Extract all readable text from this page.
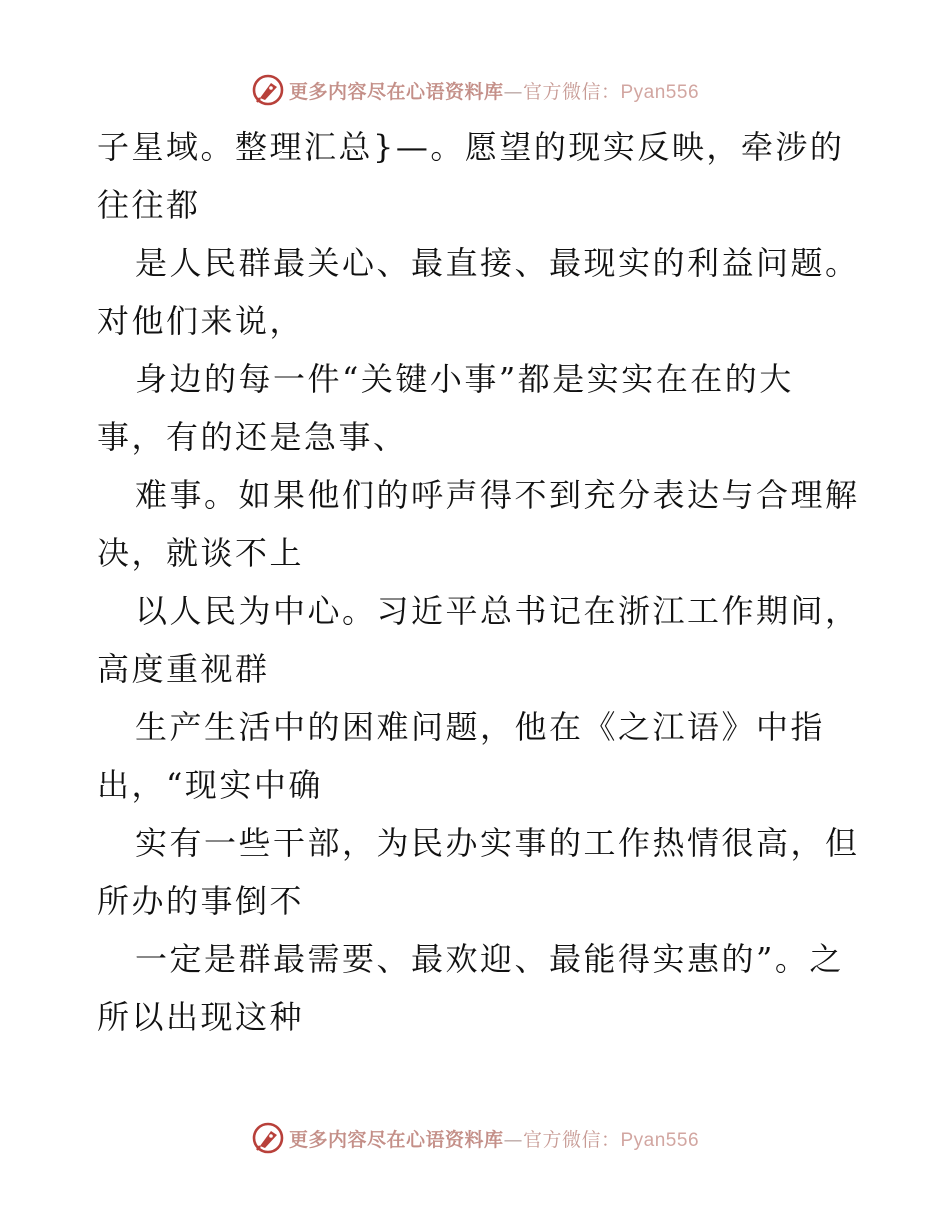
更多内容尽在心语资料库—官方微信：Pyan556
子星域。整理汇总}—。愿望的现实反映，牵涉的
往往都
是人民群最关心、最直接、最现实的利益问题。
对他们来说，
身边的每一件“关键小事”都是实实在在的大
事，有的还是急事、
难事。如果他们的呼声得不到充分表达与合理解
决，就谈不上
以人民为中心。习近平总书记在浙江工作期间，
高度重视群
生产生活中的困难问题，他在《之江语》中指
出，“现实中确
实有一些干部，为民办实事的工作热情很高，但
所办的事倒不
一定是群最需要、最欢迎、最能得实惠的”。之
所以出现这种
更多内容尽在心语资料库—官方微信：Pyan556
